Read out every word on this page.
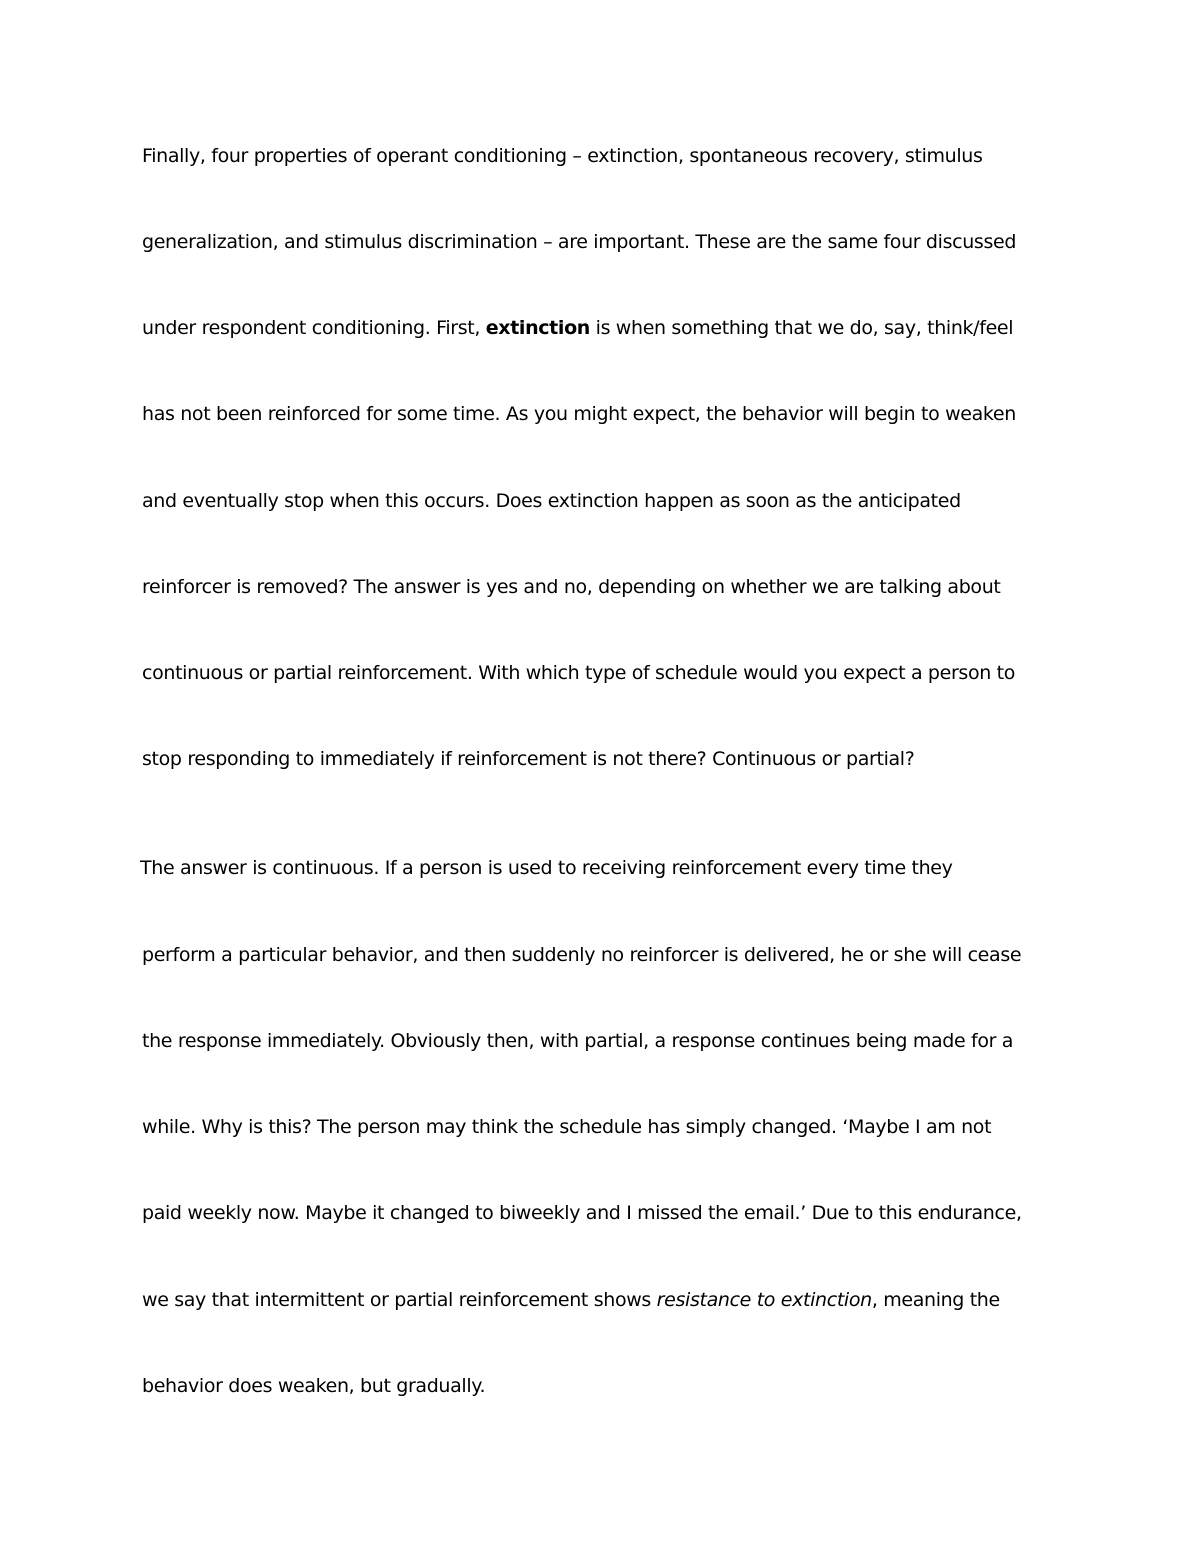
Finally, four properties of operant conditioning – extinction, spontaneous recovery, stimulus
generalization, and stimulus discrimination – are important. These are the same four discussed
under respondent conditioning. First, extinction is when something that we do, say, think/feel
has not been reinforced for some time. As you might expect, the behavior will begin to weaken
and eventually stop when this occurs. Does extinction happen as soon as the anticipated
reinforcer is removed? The answer is yes and no, depending on whether we are talking about
continuous or partial reinforcement. With which type of schedule would you expect a person to
stop responding to immediately if reinforcement is not there? Continuous or partial?
The answer is continuous. If a person is used to receiving reinforcement every time they
perform a particular behavior, and then suddenly no reinforcer is delivered, he or she will cease
the response immediately. Obviously then, with partial, a response continues being made for a
while. Why is this? The person may think the schedule has simply changed. ‘Maybe I am not
paid weekly now. Maybe it changed to biweekly and I missed the email.’ Due to this endurance,
we say that intermittent or partial reinforcement shows resistance to extinction, meaning the
behavior does weaken, but gradually.
